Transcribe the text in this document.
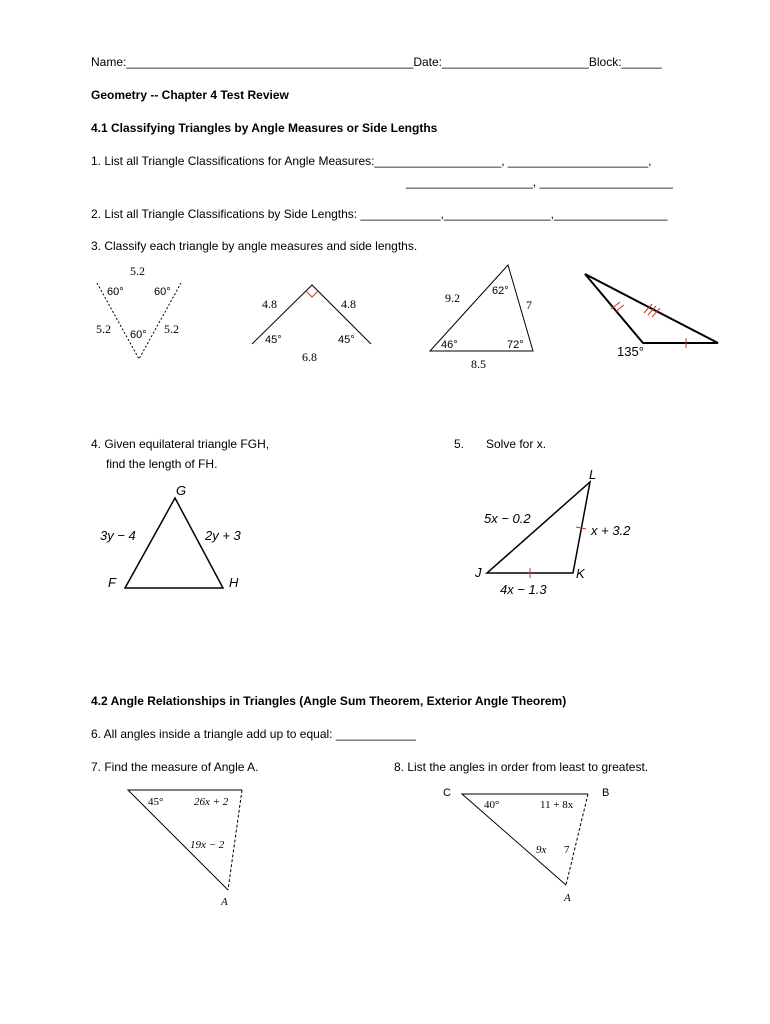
Name:___________________________________________Date:______________________Block:______
Geometry -- Chapter 4 Test Review
4.1 Classifying Triangles by Angle Measures or Side Lengths
1. List all Triangle Classifications for Angle Measures:___________________, _____________________,
___________________, ____________________
2. List all Triangle Classifications by Side Lengths: ____________,________________,_________________
3. Classify each triangle by angle measures and side lengths.
5.2
60°	60°
5.2	5.2
60°
4.8	4.8
45°	45°
6.8
9.2	62°
7
46°	72°
8.5
135°
4. Given equilateral triangle FGH,
find the length of FH.
G
F	H
3y − 4	2y + 3
5. Solve for x.
L
J	K
5x − 0.2
x + 3.2
4x − 1.3
4.2 Angle Relationships in Triangles (Angle Sum Theorem, Exterior Angle Theorem)
6. All angles inside a triangle add up to equal: ____________
7. Find the measure of Angle A.	8. List the angles in order from least to greatest.
45°	26x + 2
19x − 2
A
C	B
40°	11 + 8x
9x 7
A
